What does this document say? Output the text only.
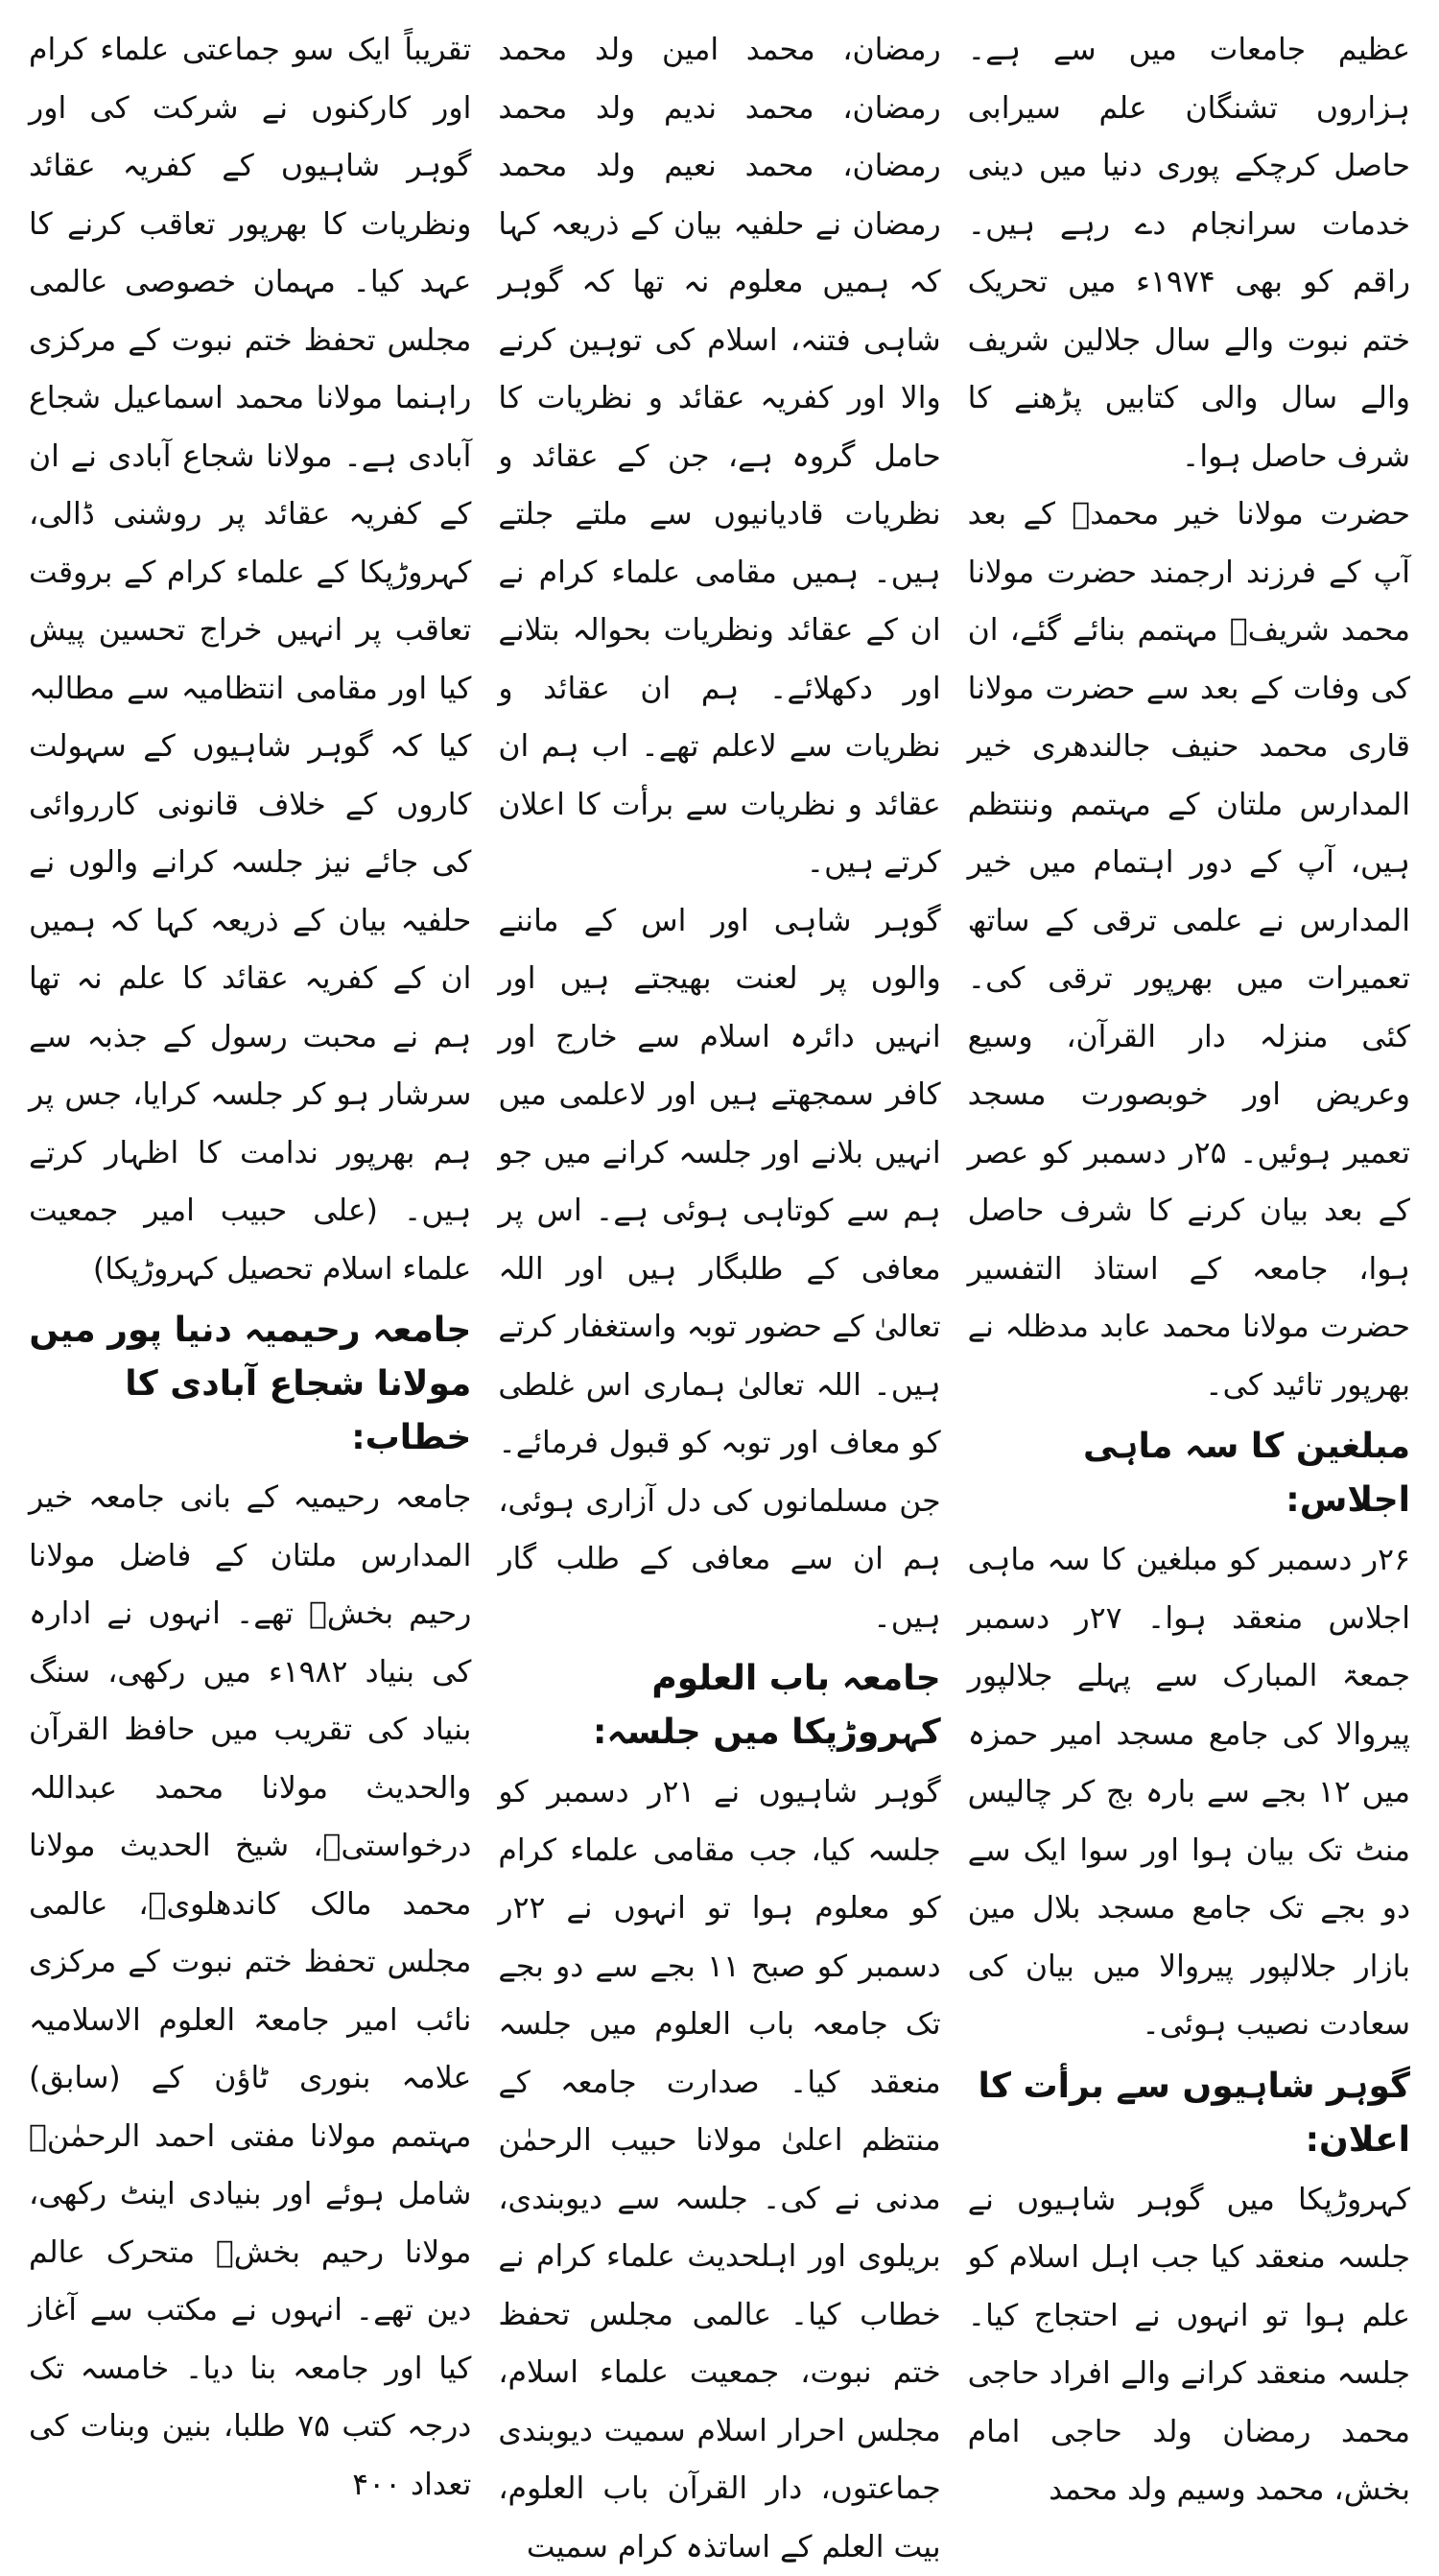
عظیم جامعات میں سے ہے۔ ہزاروں تشنگان علم سیرابی حاصل کرچکے پوری دنیا میں دینی خدمات سرانجام دے رہے ہیں۔ راقم کو بھی ۱۹۷۴ء میں تحریک ختم نبوت والے سال جلالین شریف والے سال والی کتابیں پڑھنے کا شرف حاصل ہوا۔

حضرت مولانا خیر محمدؒ کے بعد آپ کے فرزند ارجمند حضرت مولانا محمد شریفؒ مہتمم بنائے گئے، ان کی وفات کے بعد سے حضرت مولانا قاری محمد حنیف جالندھری خیر المدارس ملتان کے مہتمم وننتظم ہیں، آپ کے دور اہتمام میں خیر المدارس نے علمی ترقی کے ساتھ تعمیرات میں بھرپور ترقی کی۔ کئی منزلہ دار القرآن، وسیع وعریض اور خوبصورت مسجد تعمیر ہوئیں۔ ۲۵ر دسمبر کو عصر کے بعد بیان کرنے کا شرف حاصل ہوا، جامعہ کے استاذ التفسیر حضرت مولانا محمد عابد مدظلہ نے بھرپور تائید کی۔

مبلغین کا سہ ماہی اجلاس:

۲۶ر دسمبر کو مبلغین کا سہ ماہی اجلاس منعقد ہوا۔ ۲۷ر دسمبر جمعۃ المبارک سے پہلے جلالپور پیروالا کی جامع مسجد امیر حمزہ میں ۱۲ بجے سے بارہ بج کر چالیس منٹ تک بیان ہوا اور سوا ایک سے دو بجے تک جامع مسجد بلال مین بازار جلالپور پیروالا میں بیان کی سعادت نصیب ہوئی۔

گوہر شاہیوں سے برأت کا اعلان:

کہروڑپکا میں گوہر شاہیوں نے جلسہ منعقد کیا جب اہل اسلام کو علم ہوا تو انہوں نے احتجاج کیا۔ جلسہ منعقد کرانے والے افراد حاجی محمد رمضان ولد حاجی امام بخش، محمد وسیم ولد محمد

رمضان، محمد امین ولد محمد رمضان، محمد ندیم ولد محمد رمضان، محمد نعیم ولد محمد رمضان نے حلفیہ بیان کے ذریعہ کہا کہ ہمیں معلوم نہ تھا کہ گوہر شاہی فتنہ، اسلام کی توہین کرنے والا اور کفریہ عقائد و نظریات کا حامل گروہ ہے، جن کے عقائد و نظریات قادیانیوں سے ملتے جلتے ہیں۔ ہمیں مقامی علماء کرام نے ان کے عقائد ونظریات بحوالہ بتلانے اور دکھلائے۔ ہم ان عقائد و نظریات سے لاعلم تھے۔ اب ہم ان عقائد و نظریات سے برأت کا اعلان کرتے ہیں۔

گوہر شاہی اور اس کے ماننے والوں پر لعنت بھیجتے ہیں اور انہیں دائرہ اسلام سے خارج اور کافر سمجھتے ہیں اور لاعلمی میں انہیں بلانے اور جلسہ کرانے میں جو ہم سے کوتاہی ہوئی ہے۔ اس پر معافی کے طلبگار ہیں اور اللہ تعالیٰ کے حضور توبہ واستغفار کرتے ہیں۔ اللہ تعالیٰ ہماری اس غلطی کو معاف اور توبہ کو قبول فرمائے۔ جن مسلمانوں کی دل آزاری ہوئی، ہم ان سے معافی کے طلب گار ہیں۔

جامعہ باب العلوم کہروڑپکا میں جلسہ:

گوہر شاہیوں نے ۲۱ر دسمبر کو جلسہ کیا، جب مقامی علماء کرام کو معلوم ہوا تو انہوں نے ۲۲ر دسمبر کو صبح ۱۱ بجے سے دو بجے تک جامعہ باب العلوم میں جلسہ منعقد کیا۔ صدارت جامعہ کے منتظم اعلیٰ مولانا حبیب الرحمٰن مدنی نے کی۔ جلسہ سے دیوبندی، بریلوی اور اہلحدیث علماء کرام نے خطاب کیا۔ عالمی مجلس تحفظ ختم نبوت، جمعیت علماء اسلام، مجلس احرار اسلام سمیت دیوبندی جماعتوں، دار القرآن باب العلوم، بیت العلم کے اساتذہ کرام سمیت

تقریباً ایک سو جماعتی علماء کرام اور کارکنوں نے شرکت کی اور گوہر شاہیوں کے کفریہ عقائد ونظریات کا بھرپور تعاقب کرنے کا عہد کیا۔ مہمان خصوصی عالمی مجلس تحفظ ختم نبوت کے مرکزی راہنما مولانا محمد اسماعیل شجاع آبادی ہے۔ مولانا شجاع آبادی نے ان کے کفریہ عقائد پر روشنی ڈالی، کہروڑپکا کے علماء کرام کے بروقت تعاقب پر انہیں خراج تحسین پیش کیا اور مقامی انتظامیہ سے مطالبہ کیا کہ گوہر شاہیوں کے سہولت کاروں کے خلاف قانونی کارروائی کی جائے نیز جلسہ کرانے والوں نے حلفیہ بیان کے ذریعہ کہا کہ ہمیں ان کے کفریہ عقائد کا علم نہ تھا ہم نے محبت رسول کے جذبہ سے سرشار ہو کر جلسہ کرایا، جس پر ہم بھرپور ندامت کا اظہار کرتے ہیں۔ (علی حبیب امیر جمعیت علماء اسلام تحصیل کہروڑپکا)

جامعہ رحیمیہ دنیا پور میں مولانا شجاع آبادی کا خطاب:

جامعہ رحیمیہ کے بانی جامعہ خیر المدارس ملتان کے فاضل مولانا رحیم بخشؒ تھے۔ انہوں نے ادارہ کی بنیاد ۱۹۸۲ء میں رکھی، سنگ بنیاد کی تقریب میں حافظ القرآن والحدیث مولانا محمد عبداللہ درخواستیؒ، شیخ الحدیث مولانا محمد مالک کاندھلویؒ، عالمی مجلس تحفظ ختم نبوت کے مرکزی نائب امیر جامعۃ العلوم الاسلامیہ علامہ بنوری ٹاؤن کے (سابق) مہتمم مولانا مفتی احمد الرحمٰنؒ شامل ہوئے اور بنیادی اینٹ رکھی، مولانا رحیم بخشؒ متحرک عالم دین تھے۔ انہوں نے مکتب سے آغاز کیا اور جامعہ بنا دیا۔ خامسہ تک درجہ کتب ۷۵ طلبا، بنین وبنات کی تعداد ۴۰۰
